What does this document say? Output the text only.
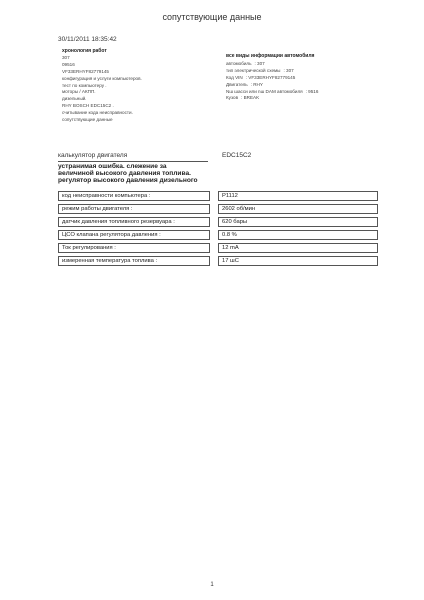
сопутствующие данные
30/11/2011 18:35:42
хронология работ
307
09516
VF33ERHYF82779145
конфигурация и услуги компьютеров.
тест по компьютеру .
моторы / АКПП.
дизельный.
RHY BOSCH EDC15C2 .
считывание кода неисправности.
сопутствующие данные
все виды информации автомобиля
автомобиль : 307
тип электрической схемы : 307
Код VIN : VF33ERHYF82779145
Двигатель : RHY
Nш шасси или nш DAM автомобиля : 9516
Кузов : BREAK
калькулятор двигателя	EDC15C2
устранимая ошибка. слежение за
величиной высокого давления топлива.
регулятор высокого давления дизельного
код неисправности компьютера :	P1112
режим работы двигателя :	2602 об/мин
датчик давления топливного резервуара :	620 бары
ЦСО клапана регулятора давления :	0.8 %
Ток регулирования :	12 mA
измеренная температура топлива :	17 шС
1
